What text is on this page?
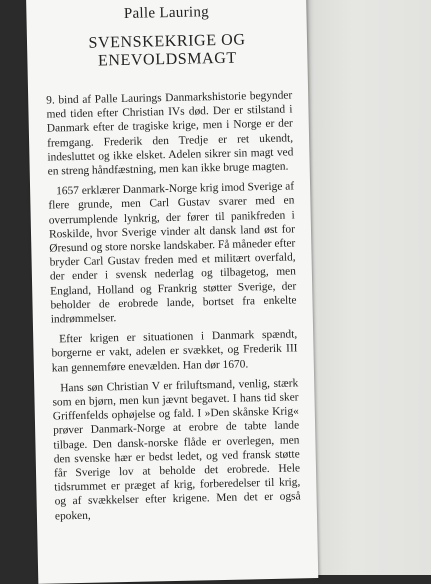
Palle Lauring
SVENSKEKRIGE OG
ENEVOLDSMAGT

9. bind af Palle Laurings Danmarkshistorie begynder med tiden efter Christian IVs død. Der er stilstand i Danmark efter de tragiske krige, men i Norge er der fremgang. Frederik den Tredje er ret ukendt, indesluttet og ikke elsket. Adelen sikrer sin magt ved en streng håndfæstning, men kan ikke bruge magten.

1657 erklærer Danmark-Norge krig imod Sverige af flere grunde, men Carl Gustav svarer med en overrumplende lynkrig, der fører til panikfreden i Roskilde, hvor Sverige vinder alt dansk land øst for Øresund og store norske landskaber. Få måneder efter bryder Carl Gustav freden med et militært overfald, der ender i svensk nederlag og tilbagetog, men England, Holland og Frankrig støtter Sverige, der beholder de erobrede lande, bortset fra enkelte indrømmelser.

Efter krigen er situationen i Danmark spændt, borgerne er vakt, adelen er svækket, og Frederik III kan gennemføre enevælden. Han dør 1670.

Hans søn Christian V er friluftsmand, venlig, stærk som en bjørn, men kun jævnt begavet. I hans tid sker Griffenfelds ophøjelse og fald. I »Den skånske Krig« prøver Danmark-Norge at erobre de tabte lande tilbage. Den dansk-norske flåde er overlegen, men den svenske hær er bedst ledet, og ved fransk støtte får Sverige lov at beholde det erobrede. Hele tidsrummet er præget af krig, forberedelser til krig, og af svækkelser efter krigene. Men det er også epoken,
